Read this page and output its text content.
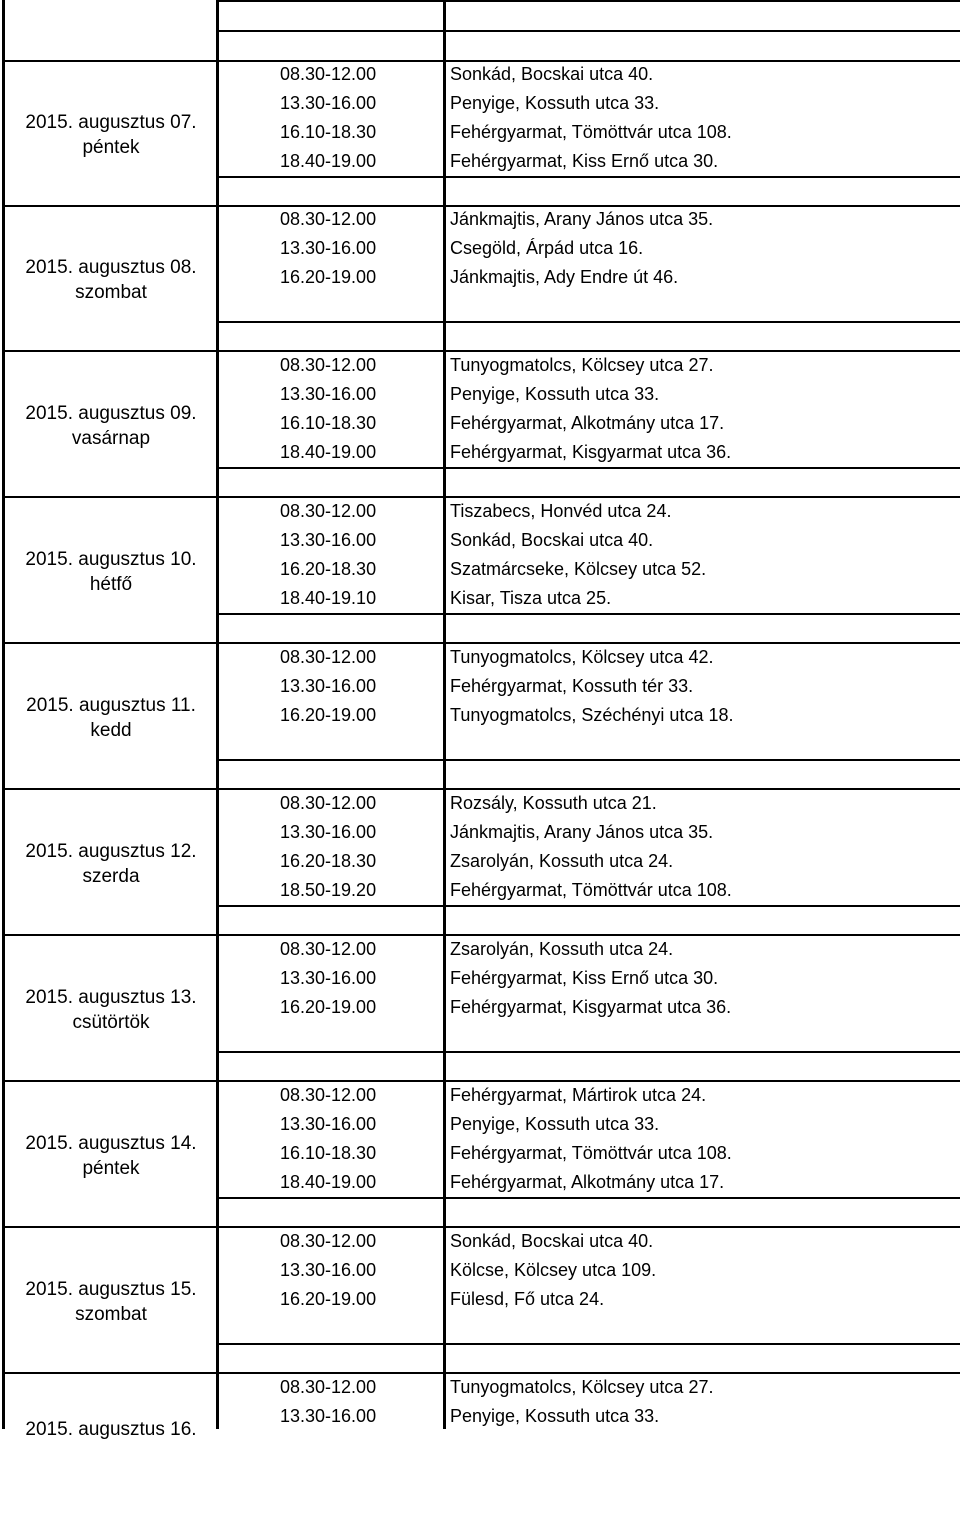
2015. augusztus 07.
péntek
08.30-12.00	Sonkád, Bocskai utca 40.
13.30-16.00	Penyige, Kossuth utca 33.
16.10-18.30	Fehérgyarmat, Tömöttvár utca 108.
18.40-19.00	Fehérgyarmat, Kiss Ernő utca 30.
2015. augusztus 08.
szombat
08.30-12.00	Jánkmajtis, Arany János utca 35.
13.30-16.00	Csegöld, Árpád utca 16.
16.20-19.00	Jánkmajtis, Ady Endre út 46.
2015. augusztus 09.
vasárnap
08.30-12.00	Tunyogmatolcs, Kölcsey utca 27.
13.30-16.00	Penyige, Kossuth utca 33.
16.10-18.30	Fehérgyarmat, Alkotmány utca 17.
18.40-19.00	Fehérgyarmat, Kisgyarmat utca 36.
2015. augusztus 10.
hétfő
08.30-12.00	Tiszabecs, Honvéd utca 24.
13.30-16.00	Sonkád, Bocskai utca 40.
16.20-18.30	Szatmárcseke, Kölcsey utca 52.
18.40-19.10	Kisar, Tisza utca 25.
2015. augusztus 11.
kedd
08.30-12.00	Tunyogmatolcs, Kölcsey utca 42.
13.30-16.00	Fehérgyarmat, Kossuth tér 33.
16.20-19.00	Tunyogmatolcs, Széchényi utca 18.
2015. augusztus 12.
szerda
08.30-12.00	Rozsály, Kossuth utca 21.
13.30-16.00	Jánkmajtis, Arany János utca 35.
16.20-18.30	Zsarolyán, Kossuth utca 24.
18.50-19.20	Fehérgyarmat, Tömöttvár utca 108.
2015. augusztus 13.
csütörtök
08.30-12.00	Zsarolyán, Kossuth utca 24.
13.30-16.00	Fehérgyarmat, Kiss Ernő utca 30.
16.20-19.00	Fehérgyarmat, Kisgyarmat utca 36.
2015. augusztus 14.
péntek
08.30-12.00	Fehérgyarmat, Mártirok utca 24.
13.30-16.00	Penyige, Kossuth utca 33.
16.10-18.30	Fehérgyarmat, Tömöttvár utca 108.
18.40-19.00	Fehérgyarmat, Alkotmány utca 17.
2015. augusztus 15.
szombat
08.30-12.00	Sonkád, Bocskai utca 40.
13.30-16.00	Kölcse, Kölcsey utca 109.
16.20-19.00	Fülesd, Fő utca 24.
2015. augusztus 16.
08.30-12.00	Tunyogmatolcs, Kölcsey utca 27.
13.30-16.00	Penyige, Kossuth utca 33.
